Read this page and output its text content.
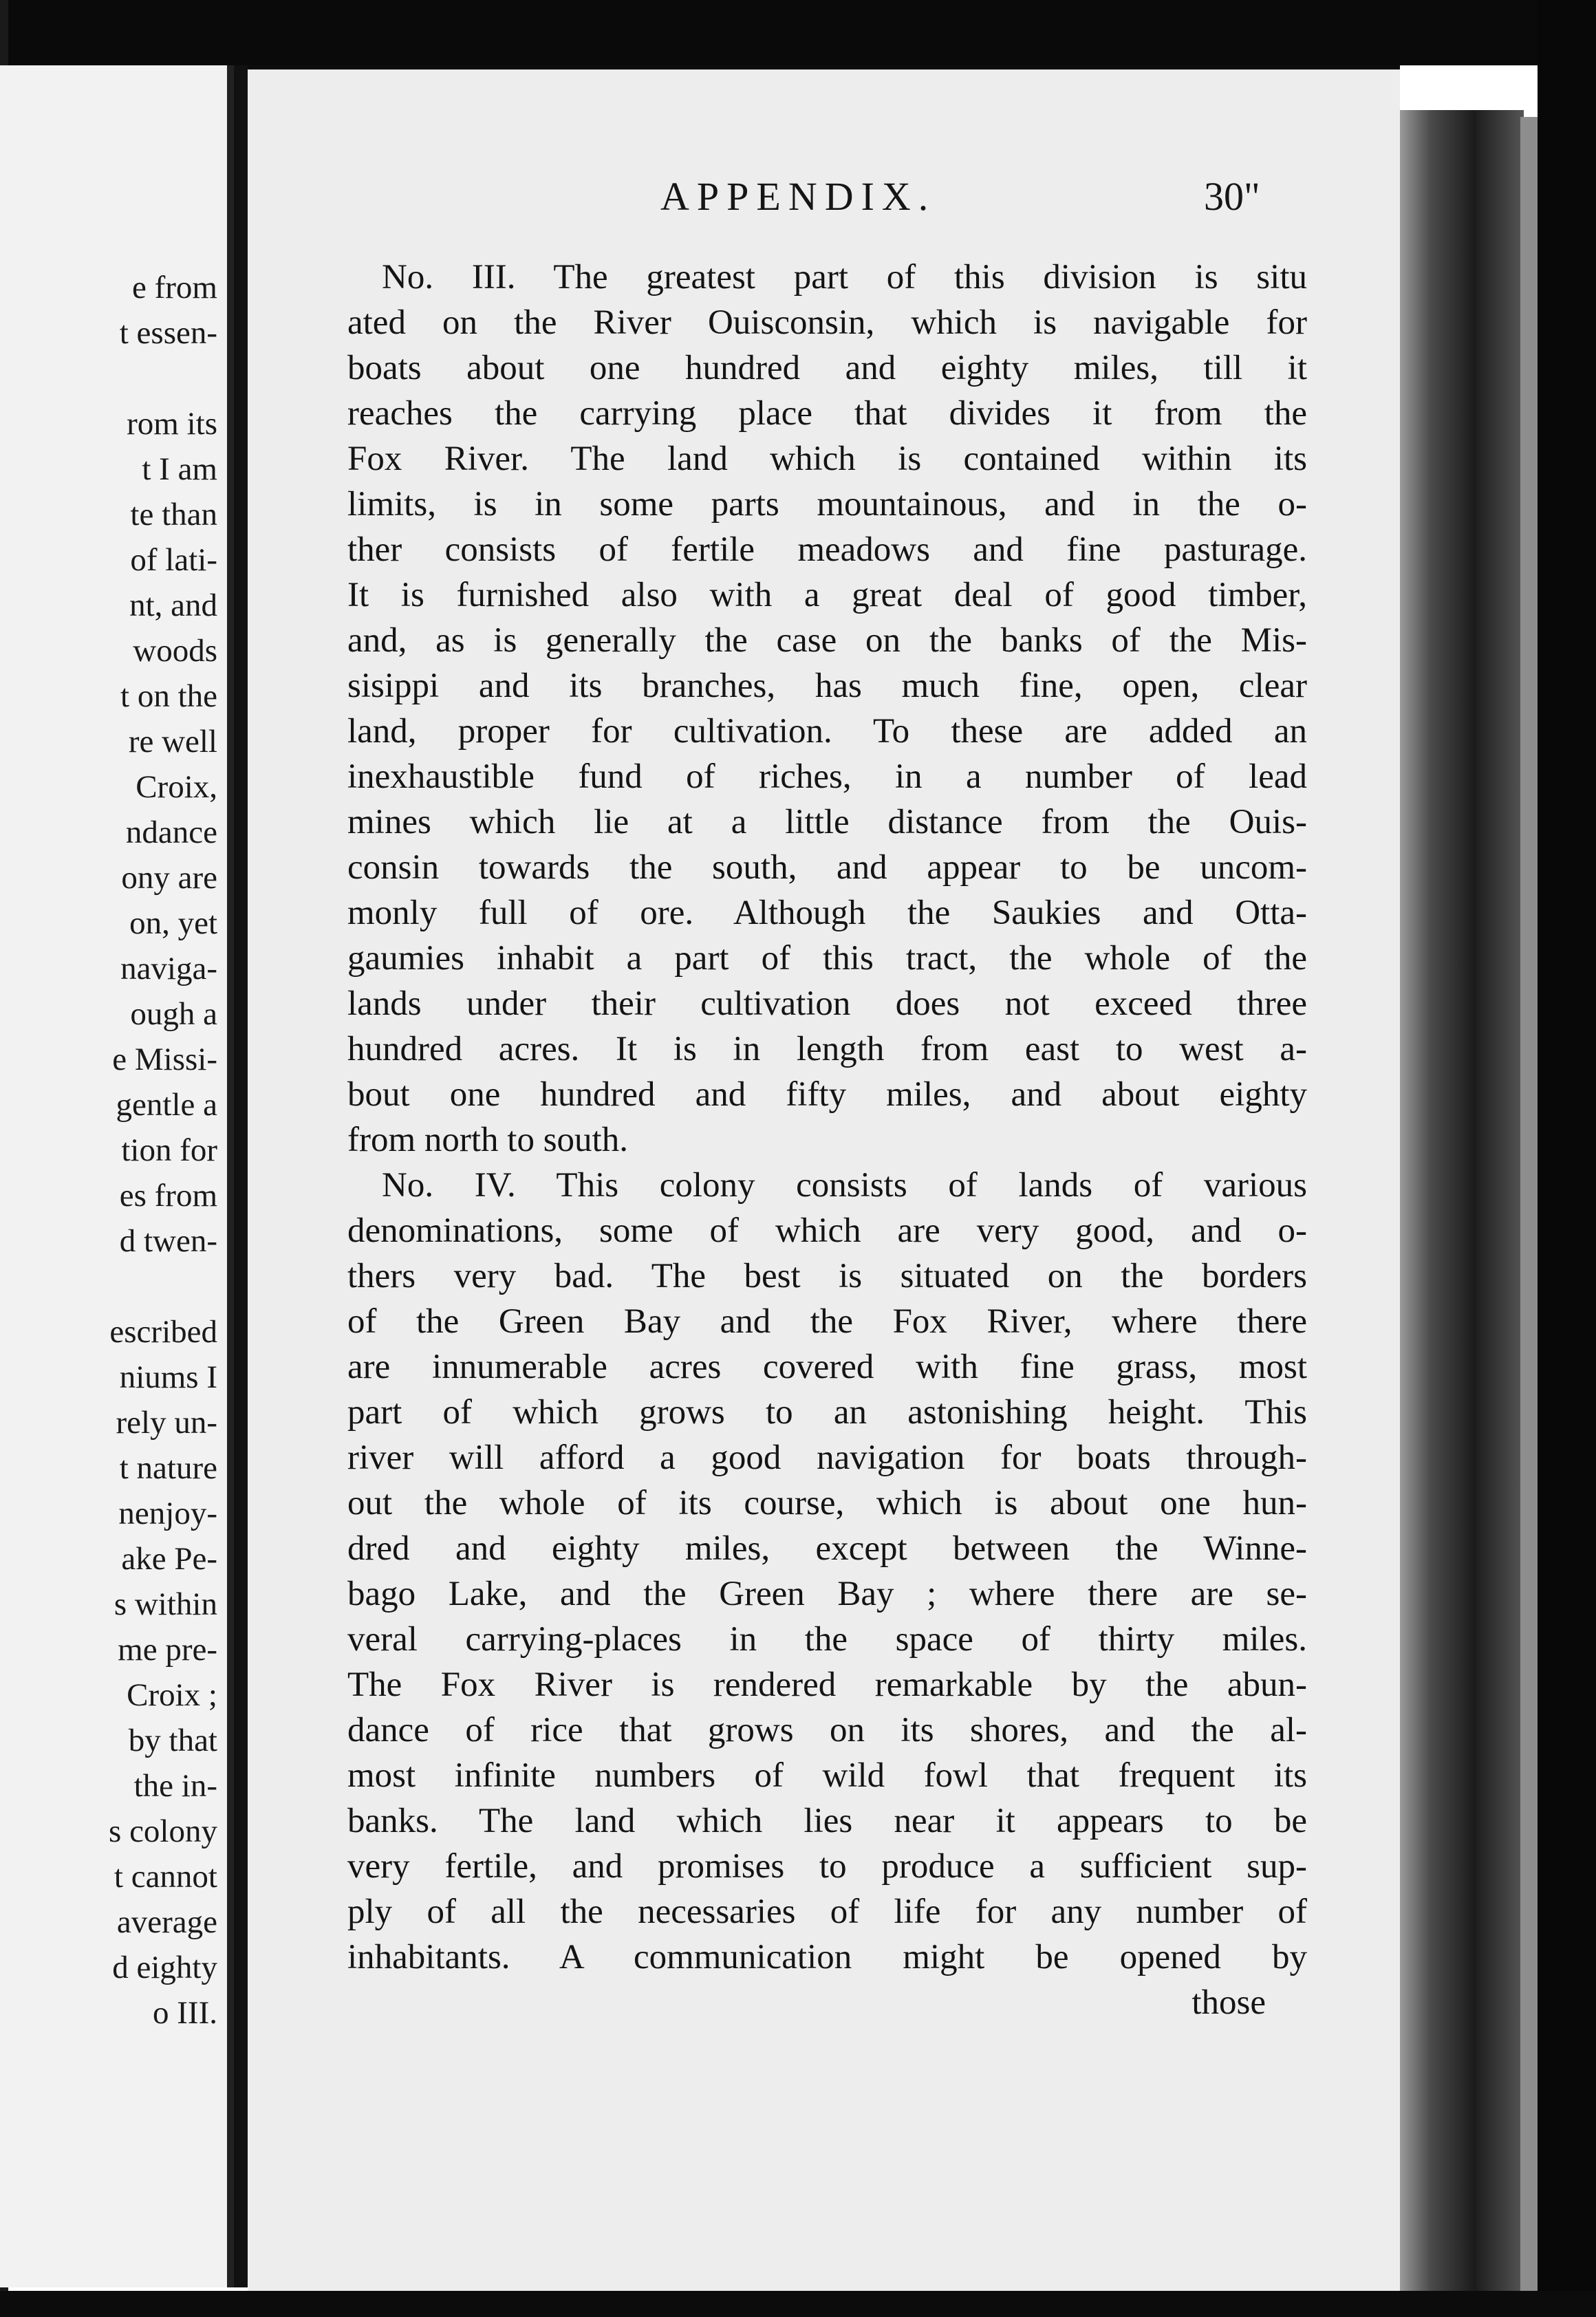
e from
t essen-
rom its
t I am
te than
of lati-
nt, and
woods
t on the
re well
Croix,
ndance
ony are
on, yet
naviga-
ough a
e Missi-
gentle a
tion for
es from
d twen-
escribed
niums I
rely un-
t nature
nenjoy-
ake Pe-
s within
me pre-
Croix ;
by that
the in-
s colony
t cannot
average
d eighty
o III.
APPENDIX.	30"
No. III. The greatest part of this division is situ
ated on the River Ouisconsin, which is navigable for
boats about one hundred and eighty miles, till it
reaches the carrying place that divides it from the
Fox River. The land which is contained within its
limits, is in some parts mountainous, and in the o-
ther consists of fertile meadows and fine pasturage.
It is furnished also with a great deal of good timber,
and, as is generally the case on the banks of the Mis-
sisippi and its branches, has much fine, open, clear
land, proper for cultivation. To these are added an
inexhaustible fund of riches, in a number of lead
mines which lie at a little distance from the Ouis-
consin towards the south, and appear to be uncom-
monly full of ore. Although the Saukies and Otta-
gaumies inhabit a part of this tract, the whole of the
lands under their cultivation does not exceed three
hundred acres. It is in length from east to west a-
bout one hundred and fifty miles, and about eighty
from north to south.
No. IV. This colony consists of lands of various
denominations, some of which are very good, and o-
thers very bad. The best is situated on the borders
of the Green Bay and the Fox River, where there
are innumerable acres covered with fine grass, most
part of which grows to an astonishing height. This
river will afford a good navigation for boats through-
out the whole of its course, which is about one hun-
dred and eighty miles, except between the Winne-
bago Lake, and the Green Bay ; where there are se-
veral carrying-places in the space of thirty miles.
The Fox River is rendered remarkable by the abun-
dance of rice that grows on its shores, and the al-
most infinite numbers of wild fowl that frequent its
banks. The land which lies near it appears to be
very fertile, and promises to produce a sufficient sup-
ply of all the necessaries of life for any number of
inhabitants. A communication might be opened by
those
